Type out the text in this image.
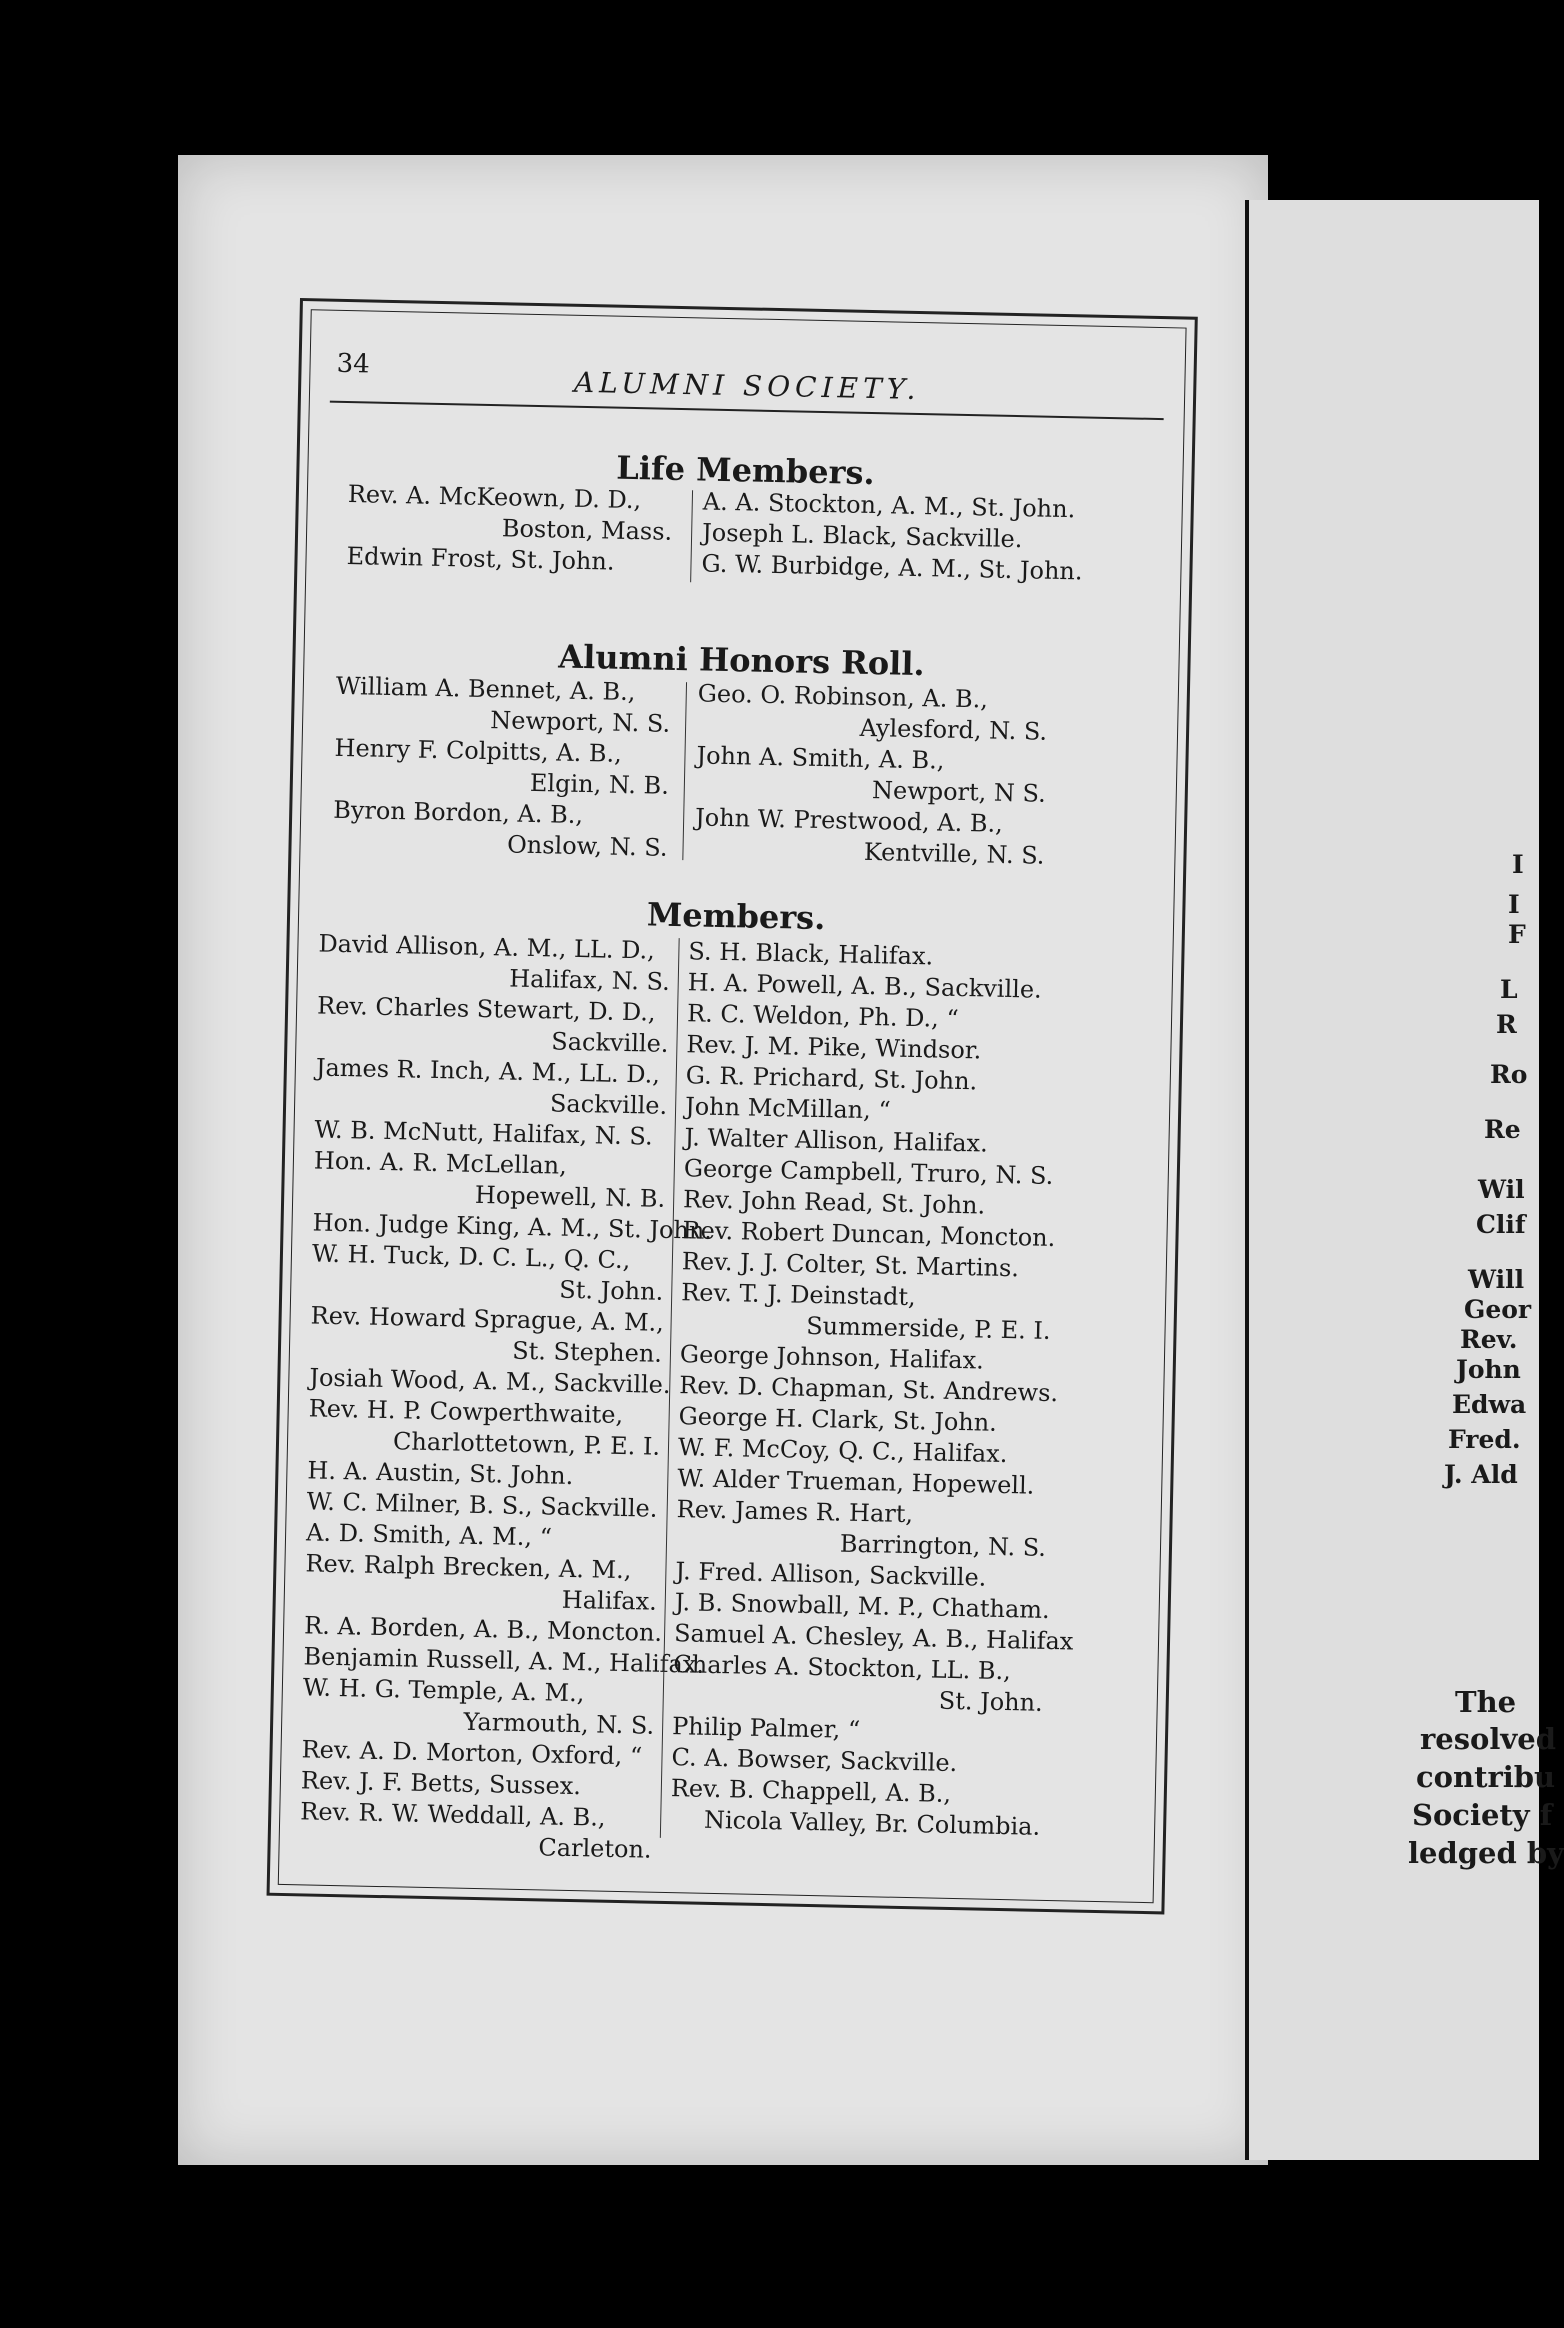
34
ALUMNI SOCIETY.
Life Members.
Rev. A. McKeown, D. D.,
Boston, Mass.
Edwin Frost, St. John.
A. A. Stockton, A. M., St. John.
Joseph L. Black, Sackville.
G. W. Burbidge, A. M., St. John.
Alumni Honors Roll.
William A. Bennet, A. B.,
Newport, N. S.
Henry F. Colpitts, A. B.,
Elgin, N. B.
Byron Bordon, A. B.,
Onslow, N. S.
Geo. O. Robinson, A. B.,
Aylesford, N. S.
John A. Smith, A. B.,
Newport, N S.
John W. Prestwood, A. B.,
Kentville, N. S.
Members.
David Allison, A. M., LL. D.,
Halifax, N. S.
Rev. Charles Stewart, D. D.,
Sackville.
James R. Inch, A. M., LL. D.,
Sackville.
W. B. McNutt, Halifax, N. S.
Hon. A. R. McLellan,
Hopewell, N. B.
Hon. Judge King, A. M., St. John.
W. H. Tuck, D. C. L., Q. C.,
St. John.
Rev. Howard Sprague, A. M.,
St. Stephen.
Josiah Wood, A. M., Sackville.
Rev. H. P. Cowperthwaite,
Charlottetown, P. E. I.
H. A. Austin, St. John.
W. C. Milner, B. S., Sackville.
A. D. Smith, A. M., “
Rev. Ralph Brecken, A. M.,
Halifax.
R. A. Borden, A. B., Moncton.
Benjamin Russell, A. M., Halifax.
W. H. G. Temple, A. M.,
Yarmouth, N. S.
Rev. A. D. Morton, Oxford, “
Rev. J. F. Betts, Sussex.
Rev. R. W. Weddall, A. B.,
Carleton.
S. H. Black, Halifax.
H. A. Powell, A. B., Sackville.
R. C. Weldon, Ph. D., “
Rev. J. M. Pike, Windsor.
G. R. Prichard, St. John.
John McMillan, “
J. Walter Allison, Halifax.
George Campbell, Truro, N. S.
Rev. John Read, St. John.
Rev. Robert Duncan, Moncton.
Rev. J. J. Colter, St. Martins.
Rev. T. J. Deinstadt,
Summerside, P. E. I.
George Johnson, Halifax.
Rev. D. Chapman, St. Andrews.
George H. Clark, St. John.
W. F. McCoy, Q. C., Halifax.
W. Alder Trueman, Hopewell.
Rev. James R. Hart,
Barrington, N. S.
J. Fred. Allison, Sackville.
J. B. Snowball, M. P., Chatham.
Samuel A. Chesley, A. B., Halifax
Charles A. Stockton, LL. B.,
St. John.
Philip Palmer, “
C. A. Bowser, Sackville.
Rev. B. Chappell, A. B.,
Nicola Valley, Br. Columbia.
I
I
F
L
R
Ro
Re
Wil
Clif
Will
Geor
Rev.
John
Edwa
Fred.
J. Ald
The
resolved
contribu
Society f
ledged by
